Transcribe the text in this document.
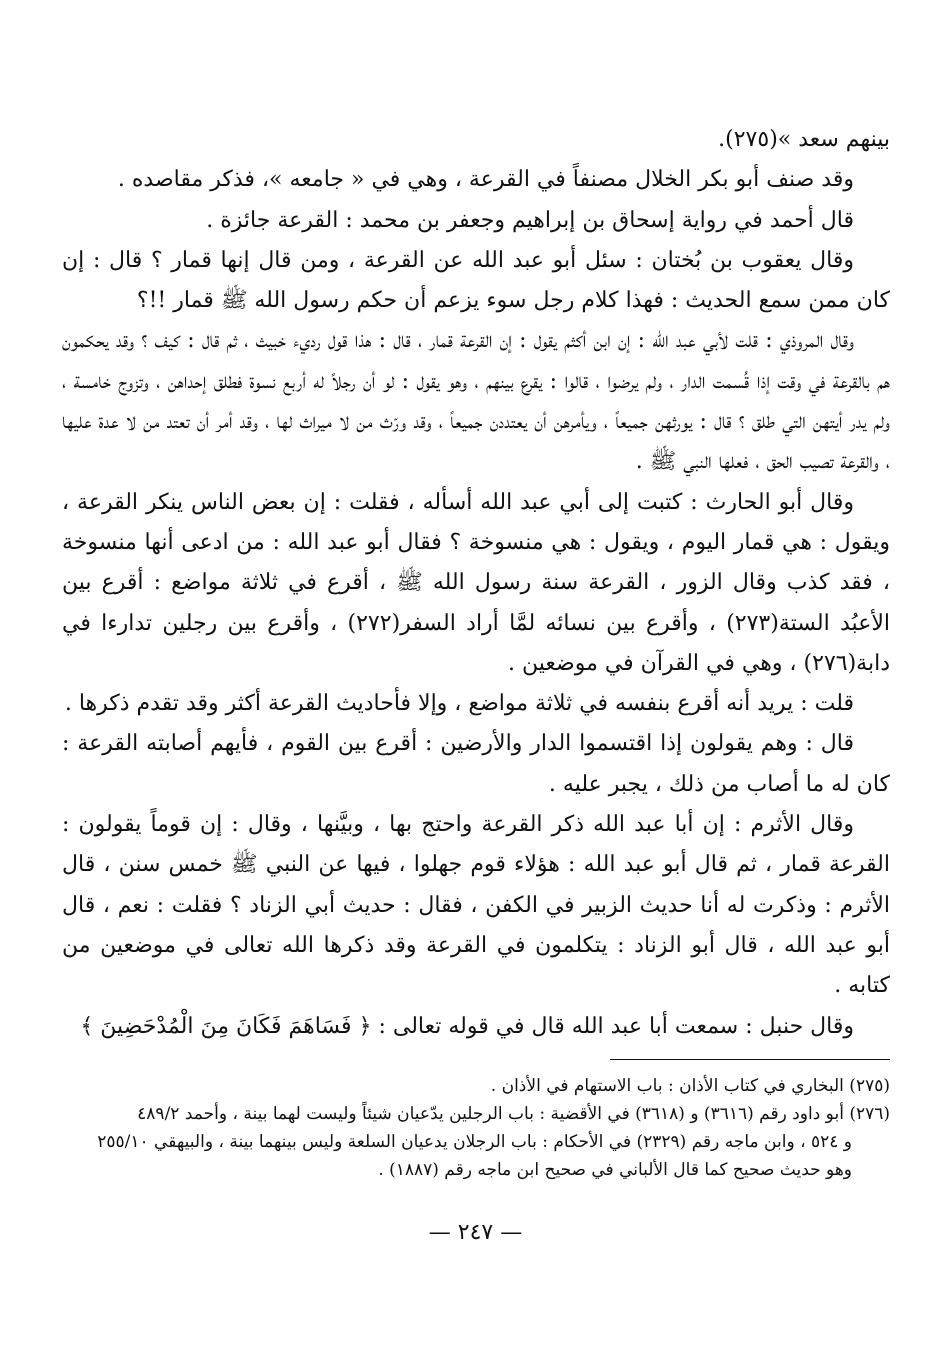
بينهم سعد »(٢٧٥).

وقد صنف أبو بكر الخلال مصنفاً في القرعة ، وهي في « جامعه »، فذكر مقاصده .

قال أحمد في رواية إسحاق بن إبراهيم وجعفر بن محمد : القرعة جائزة .

وقال يعقوب بن بُختان : سئل أبو عبد الله عن القرعة ، ومن قال إنها قمار ؟ قال : إن كان ممن سمع الحديث : فهذا كلام رجل سوء يزعم أن حكم رسول الله ﷺ قمار !!؟

وقال المروذي : قلت لأبي عبد الله : إن ابن أكثم يقول : إن القرعة قمار ، قال : هذا قول رديء خبيث ، ثم قال : كيف ؟ وقد يحكمون هم بالقرعة في وقت إذا قُسمت الدار ، ولم يرضوا ، قالوا : يقرع بينهم ، وهو يقول : لو أن رجلاً له أربع نسوة فطلق إحداهن ، وتزوج خامسة ، ولم يدر أيتهن التي طلق ؟ قال : يورثهن جميعاً ، ويأمرهن أن يعتددن جميعاً ، وقد ورّث من لا ميراث لها ، وقد أمر أن تعتد من لا عدة عليها ، والقرعة تصيب الحق ، فعلها النبي ﷺ .

وقال أبو الحارث : كتبت إلى أبي عبد الله أسأله ، فقلت : إن بعض الناس ينكر القرعة ، ويقول : هي قمار اليوم ، ويقول : هي منسوخة ؟ فقال أبو عبد الله : من ادعى أنها منسوخة ، فقد كذب وقال الزور ، القرعة سنة رسول الله ﷺ ، أقرع في ثلاثة مواضع : أقرع بين الأعبُد الستة(٢٧٣) ، وأقرع بين نسائه لمَّا أراد السفر(٢٧٢) ، وأقرع بين رجلين تدارءا في دابة(٢٧٦) ، وهي في القرآن في موضعين .

قلت : يريد أنه أقرع بنفسه في ثلاثة مواضع ، وإلا فأحاديث القرعة أكثر وقد تقدم ذكرها .

قال : وهم يقولون إذا اقتسموا الدار والأرضين : أقرع بين القوم ، فأيهم أصابته القرعة : كان له ما أصاب من ذلك ، يجبر عليه .

وقال الأثرم : إن أبا عبد الله ذكر القرعة واحتج بها ، وبيَّنها ، وقال : إن قوماً يقولون : القرعة قمار ، ثم قال أبو عبد الله : هؤلاء قوم جهلوا ، فيها عن النبي ﷺ خمس سنن ، قال الأثرم : وذكرت له أنا حديث الزبير في الكفن ، فقال : حديث أبي الزناد ؟ فقلت : نعم ، قال أبو عبد الله ، قال أبو الزناد : يتكلمون في القرعة وقد ذكرها الله تعالى في موضعين من كتابه .

وقال حنبل : سمعت أبا عبد الله قال في قوله تعالى : ﴿ فَسَاهَمَ فَكَانَ مِنَ الْمُدْحَضِينَ ﴾

(٢٧٥) البخاري في كتاب الأذان : باب الاستهام في الأذان .

(٢٧٦) أبو داود رقم (٣٦١٦) و (٣٦١٨) في الأقضية : باب الرجلين يدّعيان شيئاً وليست لهما بينة ، وأحمد ٤٨٩/٢

و ٥٢٤ ، وابن ماجه رقم (٢٣٢٩) في الأحكام : باب الرجلان يدعيان السلعة وليس بينهما بينة ، والبيهقي ٢٥٥/١٠

وهو حديث صحيح كما قال الألباني في صحيح ابن ماجه رقم (١٨٨٧) .

— ٢٤٧ —
